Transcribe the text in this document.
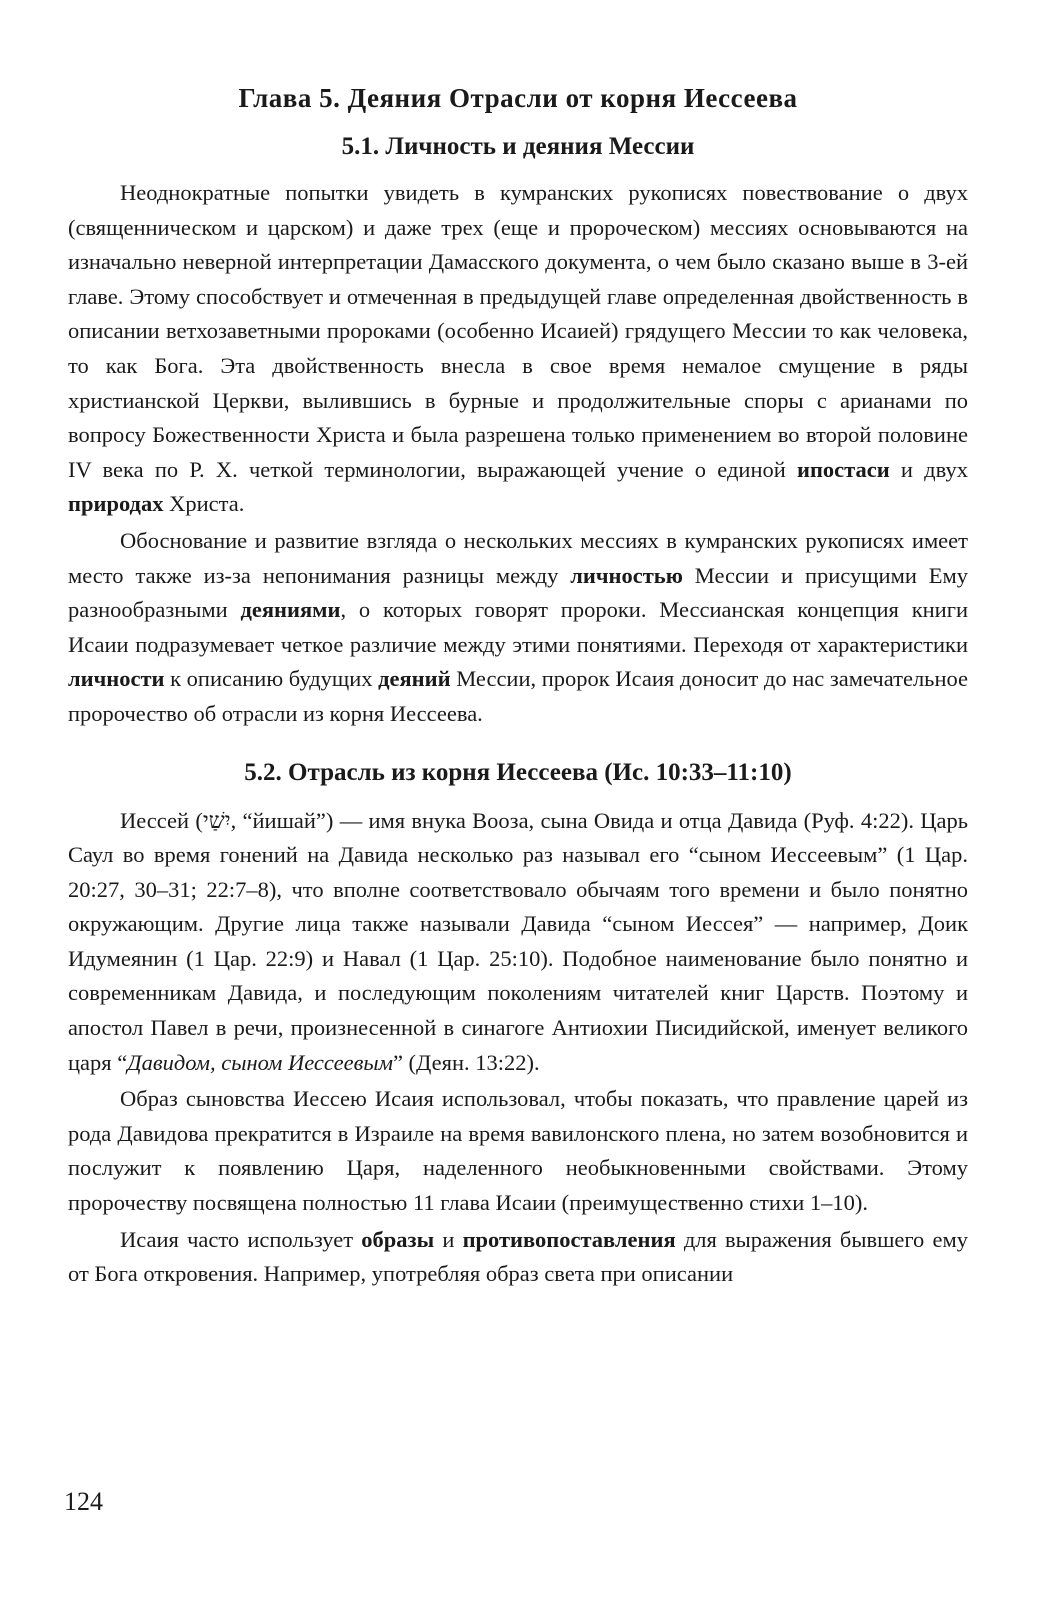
Глава 5. Деяния Отрасли от корня Иессеева
5.1. Личность и деяния Мессии

Неоднократные попытки увидеть в кумранских рукописях повествование о двух (священническом и царском) и даже трех (еще и пророческом) мессиях основываются на изначально неверной интерпретации Дамасского документа, о чем было сказано выше в 3-ей главе. Этому способствует и отмеченная в предыдущей главе определенная двойственность в описании ветхозаветными пророками (особенно Исаией) грядущего Мессии то как человека, то как Бога. Эта двойственность внесла в свое время немалое смущение в ряды христианской Церкви, вылившись в бурные и продолжительные споры с арианами по вопросу Божественности Христа и была разрешена только применением во второй половине IV века по Р. Х. четкой терминологии, выражающей учение о единой ипостаси и двух природах Христа.

Обоснование и развитие взгляда о нескольких мессиях в кумранских рукописях имеет место также из-за непонимания разницы между личностью Мессии и присущими Ему разнообразными деяниями, о которых говорят пророки. Мессианская концепция книги Исаии подразумевает четкое различие между этими понятиями. Переходя от характеристики личности к описанию будущих деяний Мессии, пророк Исаия доносит до нас замечательное пророчество об отрасли из корня Иессеева.

5.2. Отрасль из корня Иессеева (Ис. 10:33–11:10)

Иессей (יִשַׁי, “йишай”) — имя внука Вооза, сына Овида и отца Давида (Руф. 4:22). Царь Саул во время гонений на Давида несколько раз называл его “сыном Иессеевым” (1 Цар. 20:27, 30–31; 22:7–8), что вполне соответствовало обычаям того времени и было понятно окружающим. Другие лица также называли Давида “сыном Иессея” — например, Доик Идумеянин (1 Цар. 22:9) и Навал (1 Цар. 25:10). Подобное наименование было понятно и современникам Давида, и последующим поколениям читателей книг Царств. Поэтому и апостол Павел в речи, произнесенной в синагоге Антиохии Писидийской, именует великого царя “Давидом, сыном Иессеевым” (Деян. 13:22).

Образ сыновства Иессею Исаия использовал, чтобы показать, что правление царей из рода Давидова прекратится в Израиле на время вавилонского плена, но затем возобновится и послужит к появлению Царя, наделенного необыкновенными свойствами. Этому пророчеству посвящена полностью 11 глава Исаии (преимущественно стихи 1–10).

Исаия часто использует образы и противопоставления для выражения бывшего ему от Бога откровения. Например, употребляя образ света при описании

124
